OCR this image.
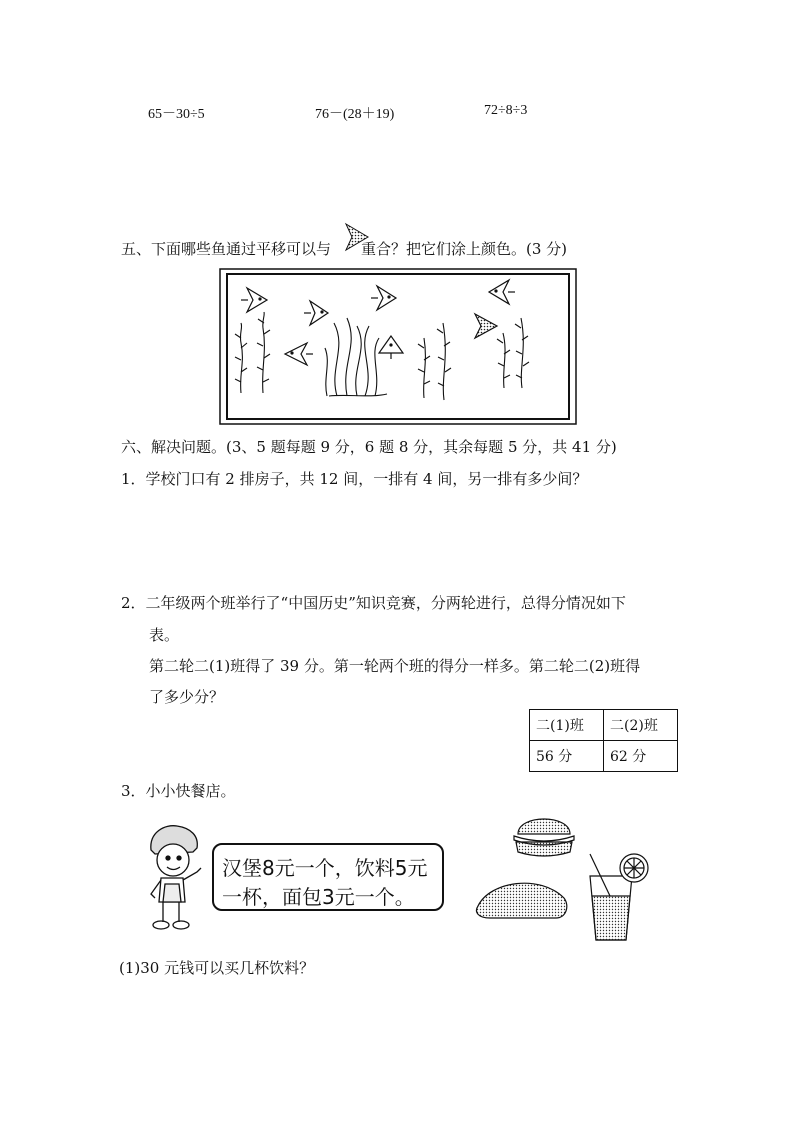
65－30÷5	76－(28＋19)	72÷8÷3
五、下面哪些鱼通过平移可以与 重合？把它们涂上颜色。(3 分)
六、解决问题。(3、5 题每题 9 分，6 题 8 分，其余每题 5 分，共 41 分)
1．学校门口有 2 排房子，共 12 间，一排有 4 间，另一排有多少间？
2．二年级两个班举行了“中国历史”知识竞赛，分两轮进行，总得分情况如下
表。
第二轮二(1)班得了 39 分。第一轮两个班的得分一样多。第二轮二(2)班得
了多少分？
二(1)班	二(2)班
56 分	62 分
3．小小快餐店。
汉堡8元一个，饮料5元
一杯，面包3元一个。
(1)30 元钱可以买几杯饮料？
